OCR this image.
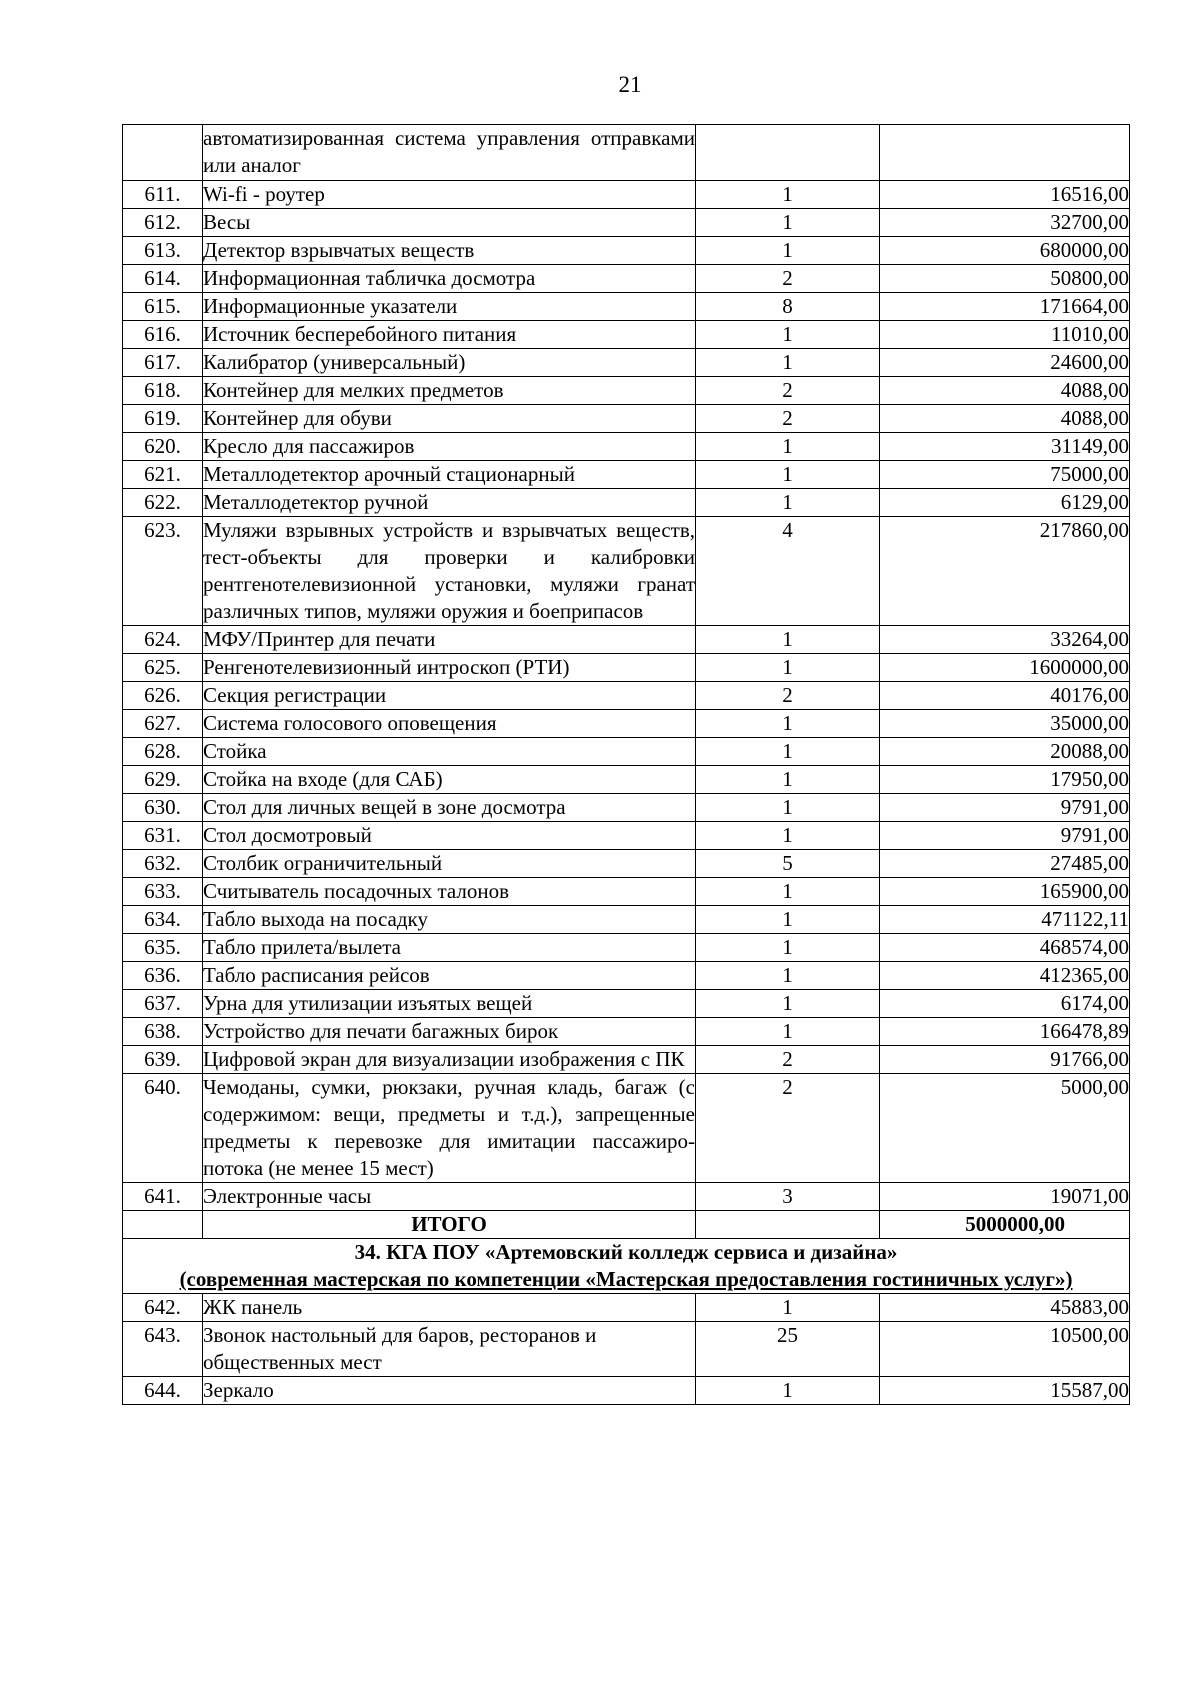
21
	автоматизированная система управления отправками или аналог		
611.	Wi-fi - роутер	1	16516,00
612.	Весы	1	32700,00
613.	Детектор взрывчатых веществ	1	680000,00
614.	Информационная табличка досмотра	2	50800,00
615.	Информационные указатели	8	171664,00
616.	Источник бесперебойного питания	1	11010,00
617.	Калибратор (универсальный)	1	24600,00
618.	Контейнер для мелких предметов	2	4088,00
619.	Контейнер для обуви	2	4088,00
620.	Кресло для пассажиров	1	31149,00
621.	Металлодетектор арочный стационарный	1	75000,00
622.	Металлодетектор ручной	1	6129,00
623.	Муляжи взрывных устройств и взрывчатых веществ, тест-объекты для проверки и калибровки рентгенотелевизионной установки, муляжи гранат различных типов, муляжи оружия и боеприпасов	4	217860,00
624.	МФУ/Принтер для печати	1	33264,00
625.	Ренгенотелевизионный интроскоп (РТИ)	1	1600000,00
626.	Секция регистрации	2	40176,00
627.	Система голосового оповещения	1	35000,00
628.	Стойка	1	20088,00
629.	Стойка на входе (для САБ)	1	17950,00
630.	Стол для личных вещей в зоне досмотра	1	9791,00
631.	Стол досмотровый	1	9791,00
632.	Столбик ограничительный	5	27485,00
633.	Считыватель посадочных талонов	1	165900,00
634.	Табло выхода на посадку	1	471122,11
635.	Табло прилета/вылета	1	468574,00
636.	Табло расписания рейсов	1	412365,00
637.	Урна для утилизации изъятых вещей	1	6174,00
638.	Устройство для печати багажных бирок	1	166478,89
639.	Цифровой экран для визуализации изображения с ПК	2	91766,00
640.	Чемоданы, сумки, рюкзаки, ручная кладь, багаж (с содержимом: вещи, предметы и т.д.), запрещенные предметы к перевозке для имитации пассажиро-потока (не менее 15 мест)	2	5000,00
641.	Электронные часы	3	19071,00
	ИТОГО		5000000,00

34. КГА ПОУ «Артемовский колледж сервиса и дизайна»
(современная мастерская по компетенции «Мастерская предоставления гостиничных услуг»)			

642.	ЖК панель	1	45883,00
643.	Звонок настольный для баров, ресторанов и общественных мест	25	10500,00
644.	Зеркало	1	15587,00
